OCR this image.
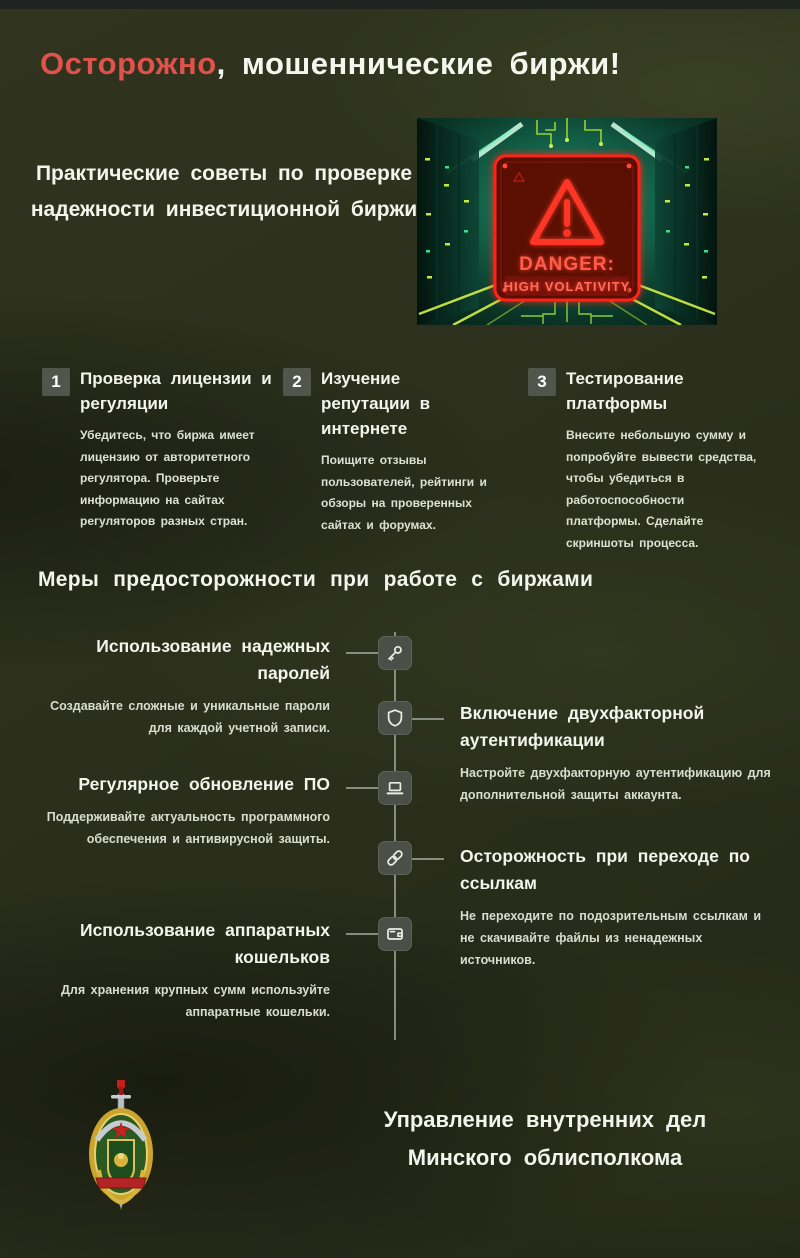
Осторожно, мошеннические биржи!
Практические советы по проверке надежности инвестиционной биржи
DANGER:
HIGH VOLATIVITY
1	Проверка лицензии и регуляции
Убедитесь, что биржа имеет лицензию от авторитетного регулятора. Проверьте информацию на сайтах регуляторов разных стран.
2	Изучение репутации в интернете
Поищите отзывы пользователей, рейтинги и обзоры на проверенных сайтах и форумах.
3	Тестирование платформы
Внесите небольшую сумму и попробуйте вывести средства, чтобы убедиться в работоспособности платформы. Сделайте скриншоты процесса.
Меры предосторожности при работе с биржами
Использование надежных паролей
Создавайте сложные и уникальные пароли для каждой учетной записи.
Включение двухфакторной аутентификации
Настройте двухфакторную аутентификацию для дополнительной защиты аккаунта.
Регулярное обновление ПО
Поддерживайте актуальность программного обеспечения и антивирусной защиты.
Осторожность при переходе по ссылкам
Не переходите по подозрительным ссылкам и не скачивайте файлы из ненадежных источников.
Использование аппаратных кошельков
Для хранения крупных сумм используйте аппаратные кошельки.
Управление внутренних дел Минского облисполкома
